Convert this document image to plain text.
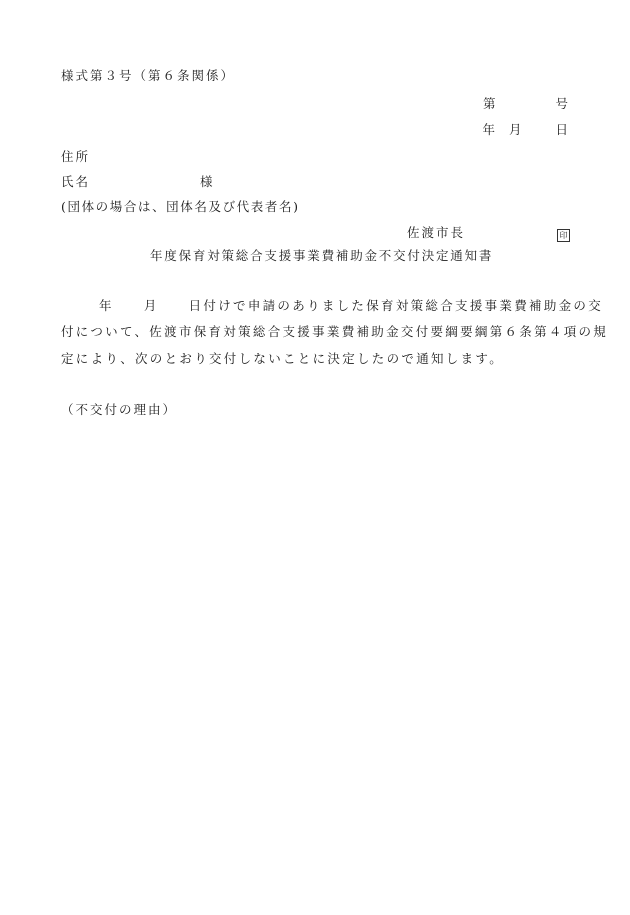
様式第３号（第６条関係）
第	号
年 月	日
住所
氏名	様
(団体の場合は、団体名及び代表者名)
佐渡市長	印
年度保育対策総合支援事業費補助金不交付決定通知書
年 月 日付けで申請のありました保育対策総合支援事業費補助金の交
付について、佐渡市保育対策総合支援事業費補助金交付要綱要綱第６条第４項の規
定により、次のとおり交付しないことに決定したので通知します。
（不交付の理由）
